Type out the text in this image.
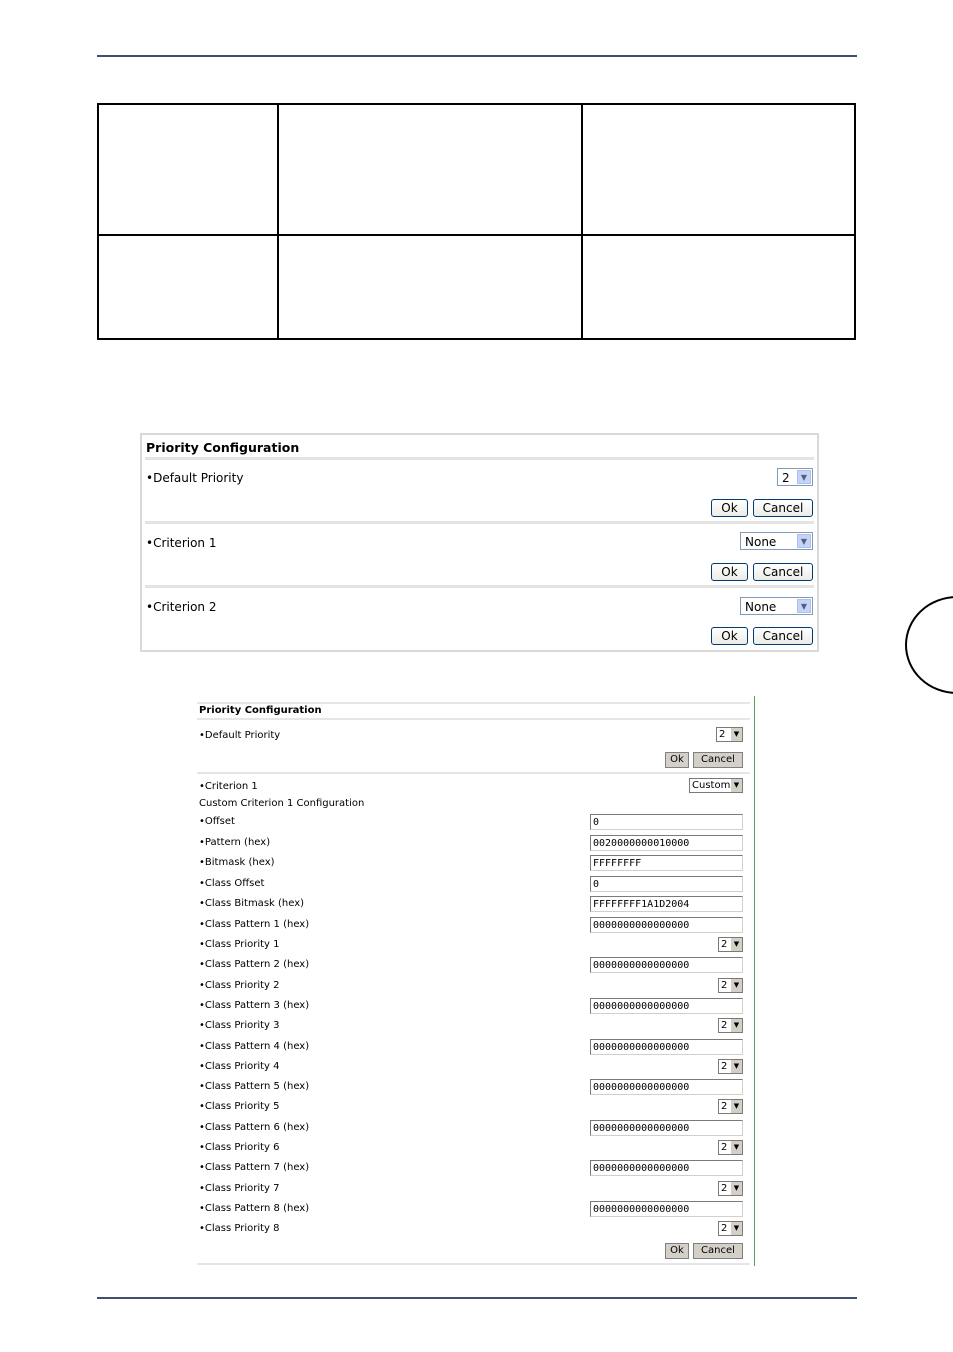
Priority Configuration
•Default Priority	2	▼
Ok	Cancel
•Criterion 1	None	▼
Ok	Cancel
•Criterion 2	None	▼
Ok	Cancel
Priority Configuration
•Default Priority	2	▼
Ok	Cancel
•Criterion 1	Custom ▼
Custom Criterion 1 Configuration
Ok	Cancel
•Offset	0
•Pattern (hex)	0020000000010000
•Bitmask (hex)	FFFFFFFF
•Class Offset	0
•Class Bitmask (hex)	FFFFFFFF1A1D2004
•Class Pattern 1 (hex)	0000000000000000
•Class Priority 1	2 ▼
•Class Pattern 2 (hex)	0000000000000000
•Class Priority 2	2 ▼
•Class Pattern 3 (hex)	0000000000000000
•Class Priority 3	2 ▼
•Class Pattern 4 (hex)	0000000000000000
•Class Priority 4	2 ▼
•Class Pattern 5 (hex)	0000000000000000
•Class Priority 5	2 ▼
•Class Pattern 6 (hex)	0000000000000000
•Class Priority 6	2 ▼
•Class Pattern 7 (hex)	0000000000000000
•Class Priority 7	2 ▼
•Class Pattern 8 (hex)	0000000000000000
•Class Priority 8	2 ▼
